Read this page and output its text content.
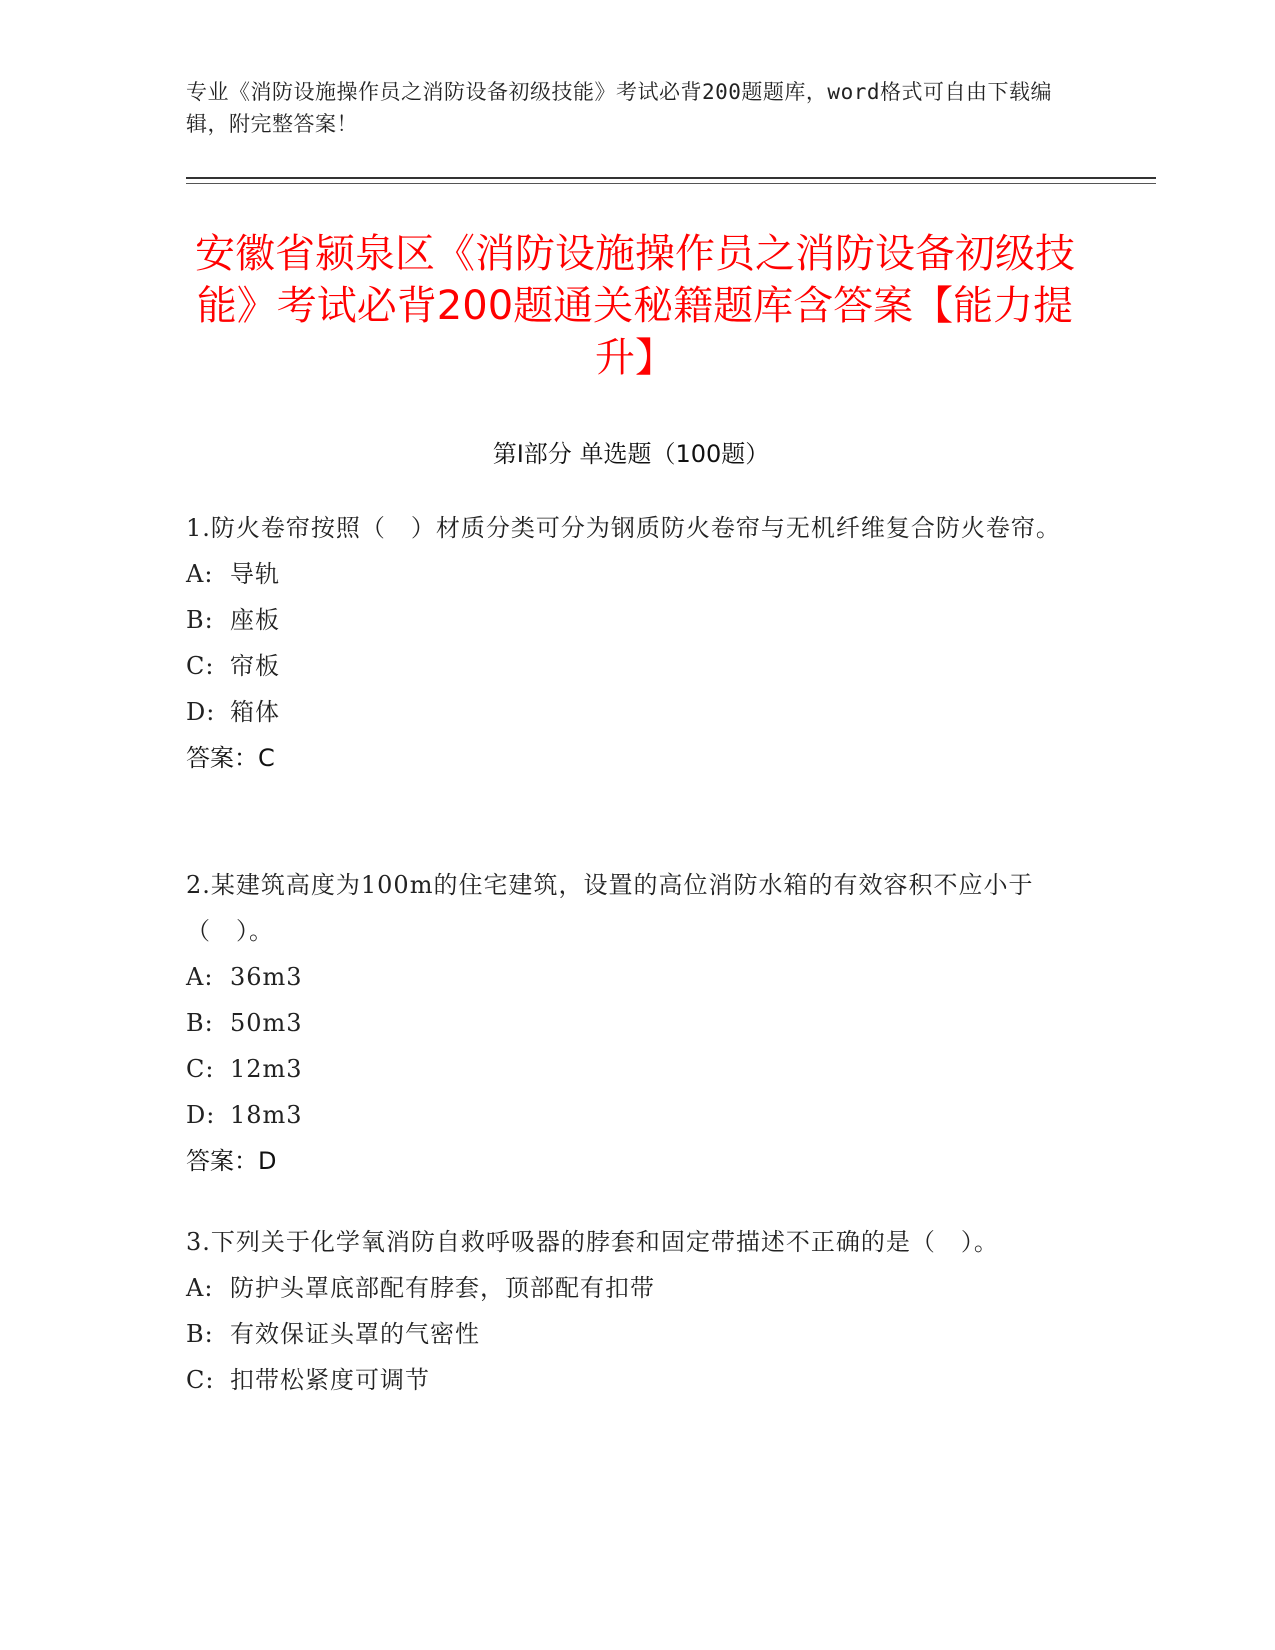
专业《消防设施操作员之消防设备初级技能》考试必背200题题库，word格式可自由下载编辑，附完整答案！
安徽省颍泉区《消防设施操作员之消防设备初级技能》考试必背200题通关秘籍题库含答案【能力提升】
第Ⅰ部分 单选题（100题）
1.防火卷帘按照（　）材质分类可分为钢质防火卷帘与无机纤维复合防火卷帘。
A: 导轨
B: 座板
C: 帘板
D: 箱体
答案：C
2.某建筑高度为100m的住宅建筑，设置的高位消防水箱的有效容积不应小于（　）。
A: 36m3
B: 50m3
C: 12m3
D: 18m3
答案：D
3.下列关于化学氧消防自救呼吸器的脖套和固定带描述不正确的是（　）。
A: 防护头罩底部配有脖套，顶部配有扣带
B: 有效保证头罩的气密性
C: 扣带松紧度可调节
